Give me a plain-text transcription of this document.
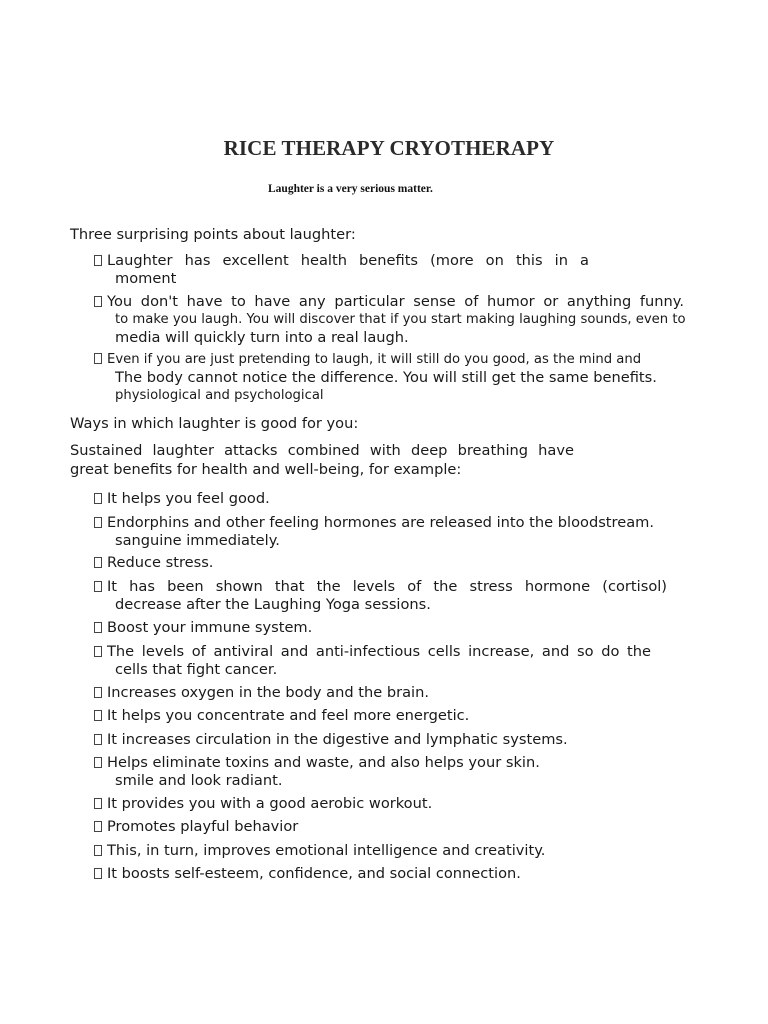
RICE THERAPY CRYOTHERAPY
Laughter is a very serious matter.
Three surprising points about laughter:
Laughter has excellent health benefits (more on this in a
moment
You don't have to have any particular sense of humor or anything funny.
to make you laugh. You will discover that if you start making laughing sounds, even to
media will quickly turn into a real laugh.
Even if you are just pretending to laugh, it will still do you good, as the mind and
The body cannot notice the difference. You will still get the same benefits.
physiological and psychological
Ways in which laughter is good for you:
Sustained laughter attacks combined with deep breathing have
great benefits for health and well-being, for example:
It helps you feel good.
Endorphins and other feeling hormones are released into the bloodstream.
sanguine immediately.
Reduce stress.
It has been shown that the levels of the stress hormone (cortisol)
decrease after the Laughing Yoga sessions.
Boost your immune system.
The levels of antiviral and anti-infectious cells increase, and so do the
cells that fight cancer.
Increases oxygen in the body and the brain.
It helps you concentrate and feel more energetic.
It increases circulation in the digestive and lymphatic systems.
Helps eliminate toxins and waste, and also helps your skin.
smile and look radiant.
It provides you with a good aerobic workout.
Promotes playful behavior
This, in turn, improves emotional intelligence and creativity.
It boosts self-esteem, confidence, and social connection.
